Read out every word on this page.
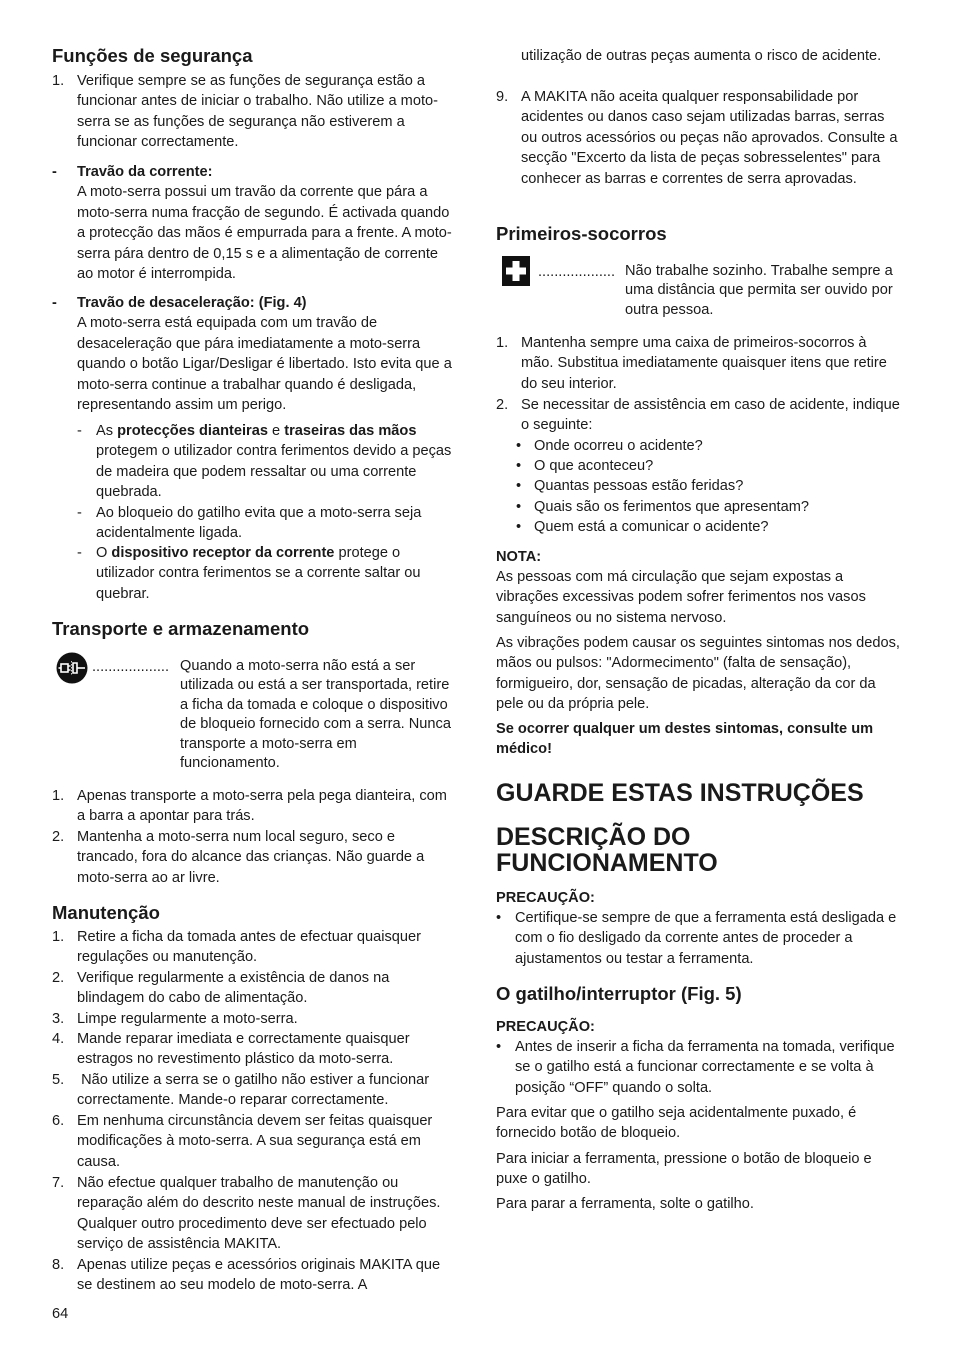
Funções de segurança
1. Verifique sempre se as funções de segurança estão a funcionar antes de iniciar o trabalho. Não utilize a moto-serra se as funções de segurança não estiverem a funcionar correctamente.

- Travão da corrente:

A moto-serra possui um travão da corrente que pára a moto-serra numa fracção de segundo. É activada quando a protecção das mãos é empurrada para a frente. A moto-serra pára dentro de 0,15 s e a alimentação de corrente ao motor é interrompida.

- Travão de desaceleração: (Fig. 4)

A moto-serra está equipada com um travão de desaceleração que pára imediatamente a moto-serra quando o botão Ligar/Desligar é libertado. Isto evita que a moto-serra continue a trabalhar quando é desligada, representando assim um perigo.

- As protecções dianteiras e traseiras das mãos protegem o utilizador contra ferimentos devido a peças de madeira que podem ressaltar ou uma corrente quebrada.

- Ao bloqueio do gatilho evita que a moto-serra seja acidentalmente ligada.

- O dispositivo receptor da corrente protege o utilizador contra ferimentos se a corrente saltar ou quebrar.

Transporte e armazenamento
................... Quando a moto-serra não está a ser utilizada ou está a ser transportada, retire a ficha da tomada e coloque o dispositivo de bloqueio fornecido com a serra. Nunca transporte a moto-serra em funcionamento.

1. Apenas transporte a moto-serra pela pega dianteira, com a barra a apontar para trás.

2. Mantenha a moto-serra num local seguro, seco e trancado, fora do alcance das crianças. Não guarde a moto-serra ao ar livre.

Manutenção
1. Retire a ficha da tomada antes de efectuar quaisquer regulações ou manutenção.

2. Verifique regularmente a existência de danos na blindagem do cabo de alimentação.

3. Limpe regularmente a moto-serra.

4. Mande reparar imediata e correctamente quaisquer estragos no revestimento plástico da moto-serra.

5. Não utilize a serra se o gatilho não estiver a funcionar correctamente. Mande-o reparar correctamente.

6. Em nenhuma circunstância devem ser feitas quaisquer modificações à moto-serra. A sua segurança está em causa.

7. Não efectue qualquer trabalho de manutenção ou reparação além do descrito neste manual de instruções. Qualquer outro procedimento deve ser efectuado pelo serviço de assistência MAKITA.

8. Apenas utilize peças e acessórios originais MAKITA que se destinem ao seu modelo de moto-serra. A

64

utilização de outras peças aumenta o risco de acidente.

9. A MAKITA não aceita qualquer responsabilidade por acidentes ou danos caso sejam utilizadas barras, serras ou outros acessórios ou peças não aprovados. Consulte a secção "Excerto da lista de peças sobresselentes" para conhecer as barras e correntes de serra aprovadas.

Primeiros-socorros
................... Não trabalhe sozinho. Trabalhe sempre a uma distância que permita ser ouvido por outra pessoa.

1. Mantenha sempre uma caixa de primeiros-socorros à mão. Substitua imediatamente quaisquer itens que retire do seu interior.

2. Se necessitar de assistência em caso de acidente, indique o seguinte:

• Onde ocorreu o acidente?

• O que aconteceu?

• Quantas pessoas estão feridas?

• Quais são os ferimentos que apresentam?

• Quem está a comunicar o acidente?

NOTA:

As pessoas com má circulação que sejam expostas a vibrações excessivas podem sofrer ferimentos nos vasos sanguíneos ou no sistema nervoso.

As vibrações podem causar os seguintes sintomas nos dedos, mãos ou pulsos: "Adormecimento" (falta de sensação), formigueiro, dor, sensação de picadas, alteração da cor da pele ou da própria pele.

Se ocorrer qualquer um destes sintomas, consulte um médico!

GUARDE ESTAS INSTRUÇÕES
DESCRIÇÃO DO
FUNCIONAMENTO

PRECAUÇÃO:

• Certifique-se sempre de que a ferramenta está desligada e com o fio desligado da corrente antes de proceder a ajustamentos ou testar a ferramenta.

O gatilho/interruptor (Fig. 5)

PRECAUÇÃO:

• Antes de inserir a ficha da ferramenta na tomada, verifique se o gatilho está a funcionar correctamente e se volta à posição “OFF” quando o solta.

Para evitar que o gatilho seja acidentalmente puxado, é fornecido botão de bloqueio.

Para iniciar a ferramenta, pressione o botão de bloqueio e puxe o gatilho.

Para parar a ferramenta, solte o gatilho.
